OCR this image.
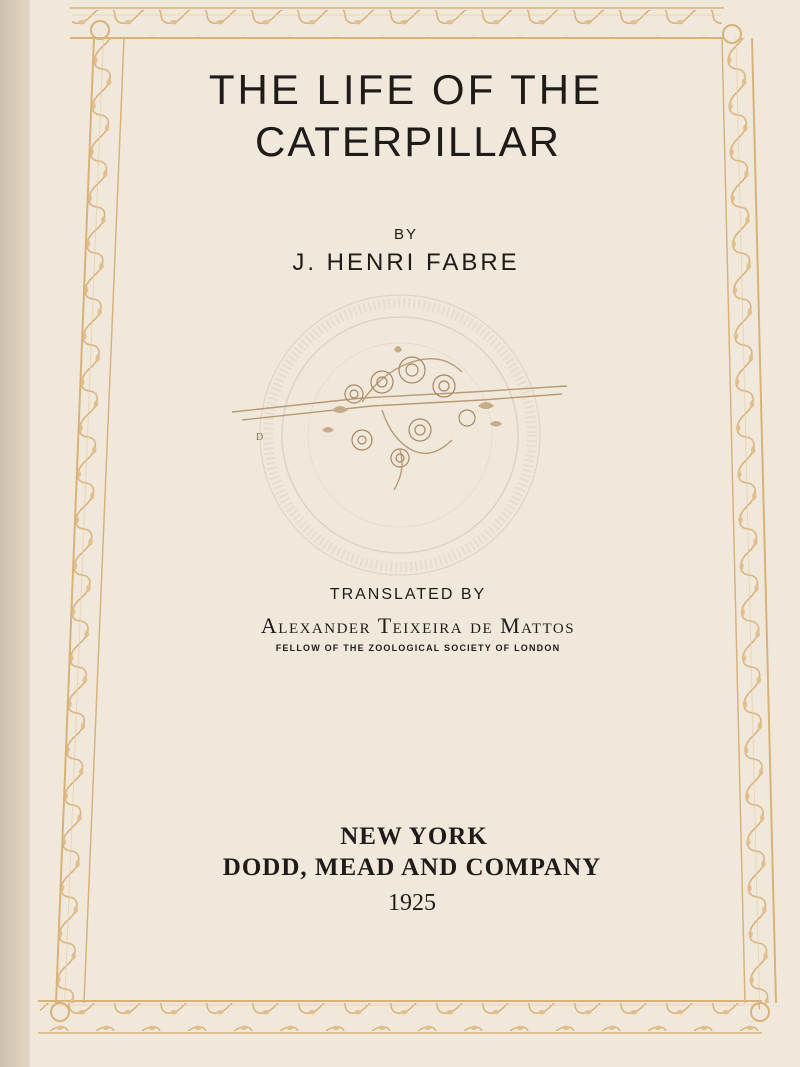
D

THE LIFE OF THE

CATERPILLAR

BY

J. HENRI FABRE

TRANSLATED BY

Alexander Teixeira de Mattos

FELLOW OF THE ZOOLOGICAL SOCIETY OF LONDON

NEW YORK

DODD, MEAD AND COMPANY

1925
